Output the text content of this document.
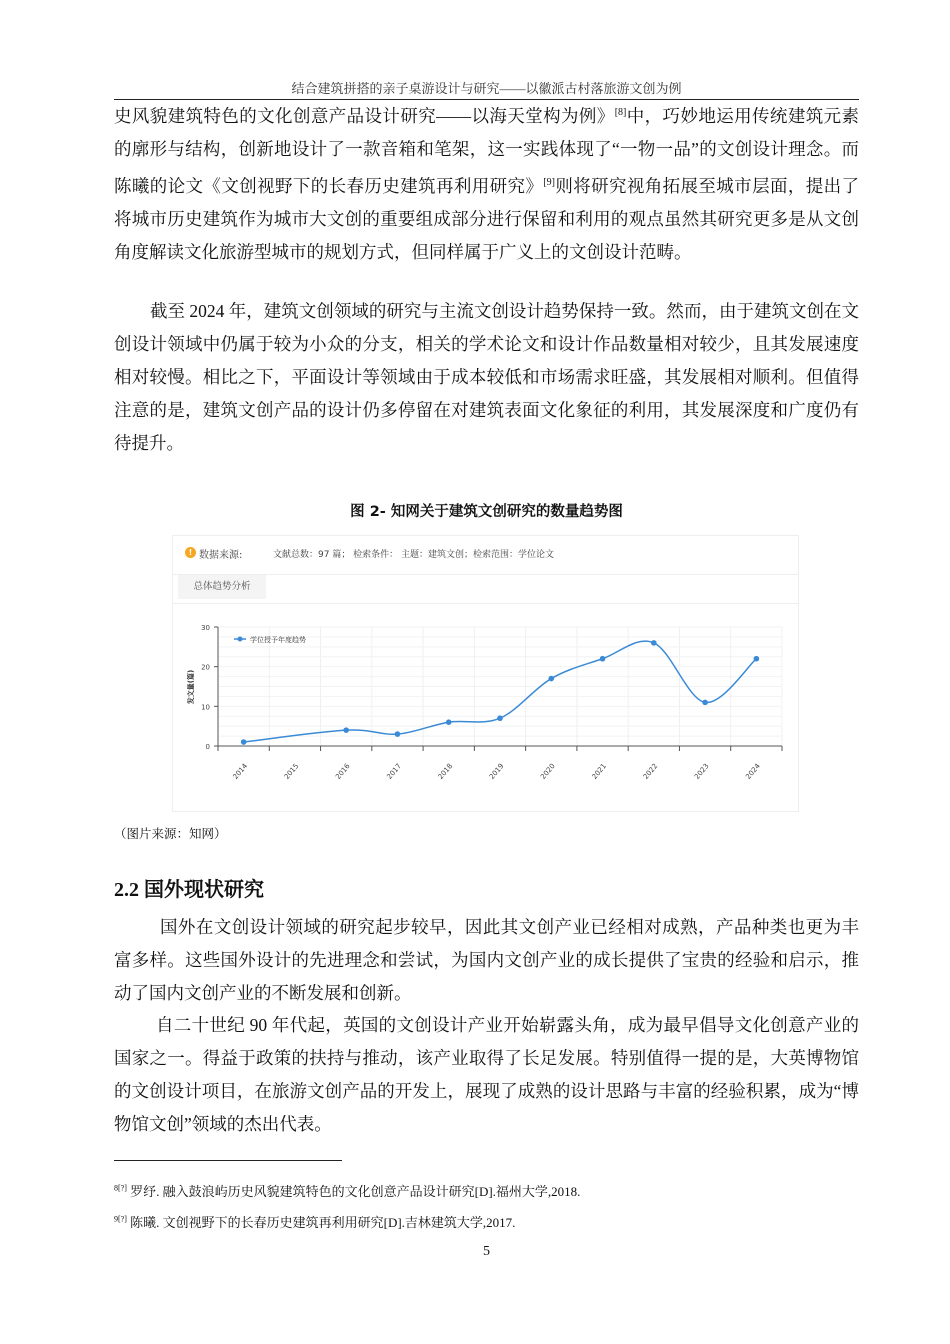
结合建筑拼搭的亲子桌游设计与研究——以徽派古村落旅游文创为例
史风貌建筑特色的文化创意产品设计研究——以海天堂构为例》[8]中，巧妙地运用传统建筑元素的廓形与结构，创新地设计了一款音箱和笔架，这一实践体现了“一物一品”的文创设计理念。而陈曦的论文《文创视野下的长春历史建筑再利用研究》[9]则将研究视角拓展至城市层面，提出了将城市历史建筑作为城市大文创的重要组成部分进行保留和利用的观点虽然其研究更多是从文创角度解读文化旅游型城市的规划方式，但同样属于广义上的文创设计范畴。
截至 2024 年，建筑文创领域的研究与主流文创设计趋势保持一致。然而，由于建筑文创在文创设计领域中仍属于较为小众的分支，相关的学术论文和设计作品数量相对较少，且其发展速度相对较慢。相比之下，平面设计等领域由于成本较低和市场需求旺盛，其发展相对顺利。但值得注意的是，建筑文创产品的设计仍多停留在对建筑表面文化象征的利用，其发展深度和广度仍有待提升。
图 2- 知网关于建筑文创研究的数量趋势图
! 数据来源:	文献总数：97 篇； 检索条件： 主题：建筑文创；检索范围：学位论文
总体趋势分析
0
10
20
30
2014	2015	2016	2017	2018	2019	2020	2021	2022	2023	2024
发文量(篇)
学位授予年度趋势
（图片来源：知网）
2.2 国外现状研究
国外在文创设计领域的研究起步较早，因此其文创产业已经相对成熟，产品种类也更为丰富多样。这些国外设计的先进理念和尝试，为国内文创产业的成长提供了宝贵的经验和启示，推动了国内文创产业的不断发展和创新。
自二十世纪 90 年代起，英国的文创设计产业开始崭露头角，成为最早倡导文化创意产业的国家之一。得益于政策的扶持与推动，该产业取得了长足发展。特别值得一提的是，大英博物馆的文创设计项目，在旅游文创产品的开发上，展现了成熟的设计思路与丰富的经验积累，成为“博物馆文创”领域的杰出代表。
$^{8[?]}$ 罗纾. 融入鼓浪屿历史风貌建筑特色的文化创意产品设计研究[D].福州大学,2018.
$^{9[?]}$ 陈曦. 文创视野下的长春历史建筑再利用研究[D].吉林建筑大学,2017.
5
